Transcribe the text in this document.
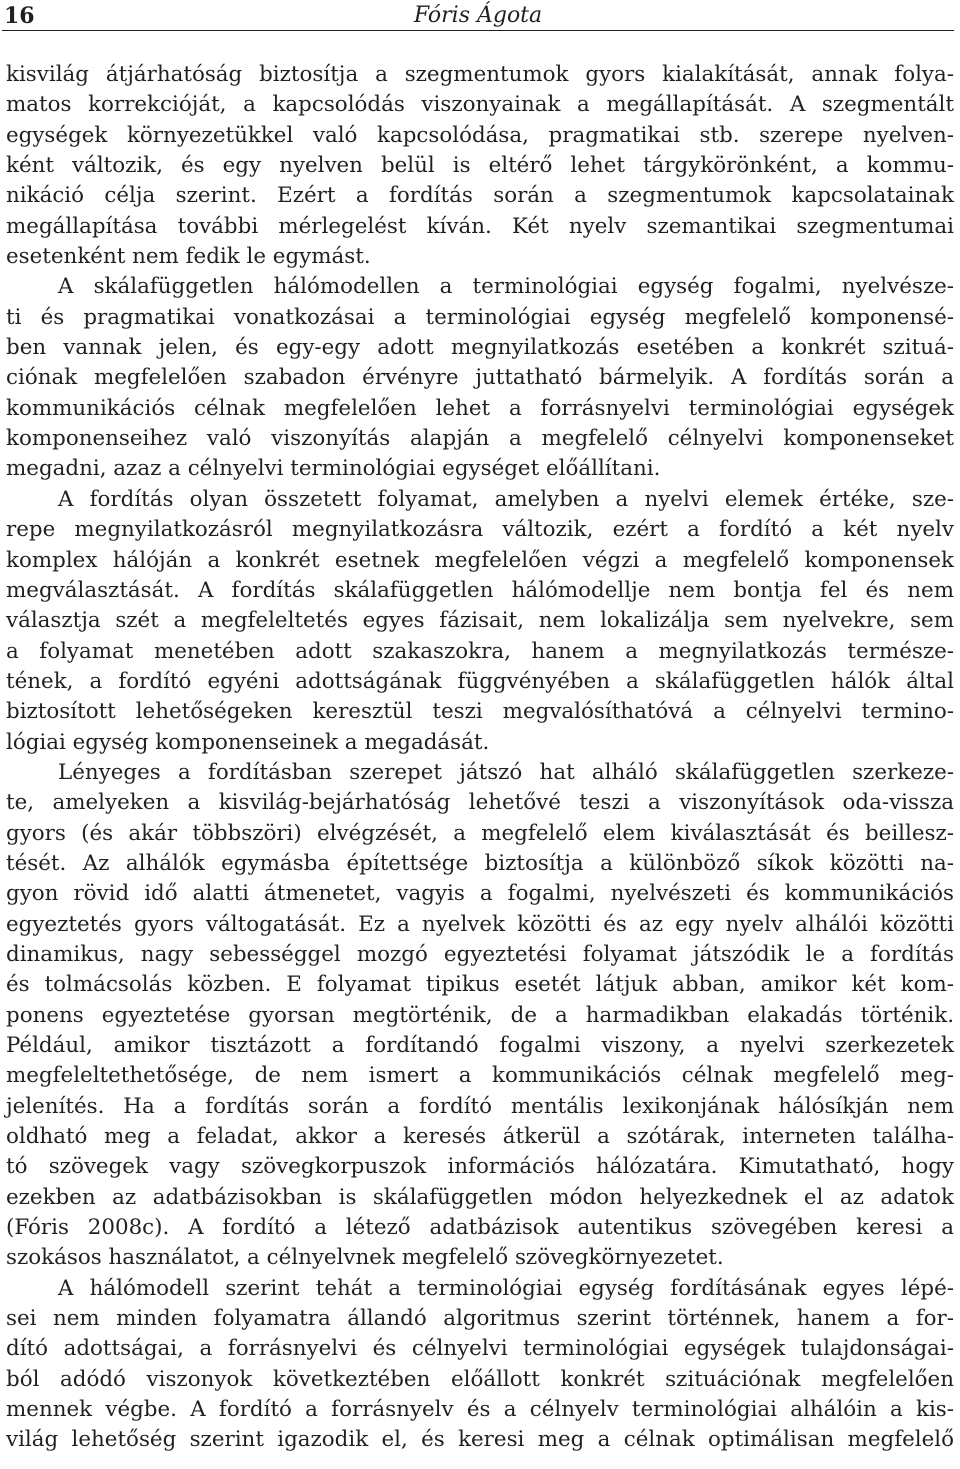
16	Fóris Ágota
kisvilág átjárhatóság biztosítja a szegmentumok gyors kialakítását, annak folya-
matos korrekcióját, a kapcsolódás viszonyainak a megállapítását. A szegmentált
egységek környezetükkel való kapcsolódása, pragmatikai stb. szerepe nyelven-
ként változik, és egy nyelven belül is eltérő lehet tárgykörönként, a kommu-
nikáció célja szerint. Ezért a fordítás során a szegmentumok kapcsolatainak
megállapítása további mérlegelést kíván. Két nyelv szemantikai szegmentumai
esetenként nem fedik le egymást.
A skálafüggetlen hálómodellen a terminológiai egység fogalmi, nyelvésze-
ti és pragmatikai vonatkozásai a terminológiai egység megfelelő komponensé-
ben vannak jelen, és egy-egy adott megnyilatkozás esetében a konkrét szituá-
ciónak megfelelően szabadon érvényre juttatható bármelyik. A fordítás során a
kommunikációs célnak megfelelően lehet a forrásnyelvi terminológiai egységek
komponenseihez való viszonyítás alapján a megfelelő célnyelvi komponenseket
megadni, azaz a célnyelvi terminológiai egységet előállítani.
A fordítás olyan összetett folyamat, amelyben a nyelvi elemek értéke, sze-
repe megnyilatkozásról megnyilatkozásra változik, ezért a fordító a két nyelv
komplex hálóján a konkrét esetnek megfelelően végzi a megfelelő komponensek
megválasztását. A fordítás skálafüggetlen hálómodellje nem bontja fel és nem
választja szét a megfeleltetés egyes fázisait, nem lokalizálja sem nyelvekre, sem
a folyamat menetében adott szakaszokra, hanem a megnyilatkozás természe-
tének, a fordító egyéni adottságának függvényében a skálafüggetlen hálók által
biztosított lehetőségeken keresztül teszi megvalósíthatóvá a célnyelvi termino-
lógiai egység komponenseinek a megadását.
Lényeges a fordításban szerepet játszó hat alháló skálafüggetlen szerkeze-
te, amelyeken a kisvilág-bejárhatóság lehetővé teszi a viszonyítások oda-vissza
gyors (és akár többszöri) elvégzését, a megfelelő elem kiválasztását és beillesz-
tését. Az alhálók egymásba építettsége biztosítja a különböző síkok közötti na-
gyon rövid idő alatti átmenetet, vagyis a fogalmi, nyelvészeti és kommunikációs
egyeztetés gyors váltogatását. Ez a nyelvek közötti és az egy nyelv alhálói közötti
dinamikus, nagy sebességgel mozgó egyeztetési folyamat játszódik le a fordítás
és tolmácsolás közben. E folyamat tipikus esetét látjuk abban, amikor két kom-
ponens egyeztetése gyorsan megtörténik, de a harmadikban elakadás történik.
Például, amikor tisztázott a fordítandó fogalmi viszony, a nyelvi szerkezetek
megfeleltethetősége, de nem ismert a kommunikációs célnak megfelelő meg-
jelenítés. Ha a fordítás során a fordító mentális lexikonjának hálósíkján nem
oldható meg a feladat, akkor a keresés átkerül a szótárak, interneten találha-
tó szövegek vagy szövegkorpuszok információs hálózatára. Kimutatható, hogy
ezekben az adatbázisokban is skálafüggetlen módon helyezkednek el az adatok
(Fóris 2008c). A fordító a létező adatbázisok autentikus szövegében keresi a
szokásos használatot, a célnyelvnek megfelelő szövegkörnyezetet.
A hálómodell szerint tehát a terminológiai egység fordításának egyes lépé-
sei nem minden folyamatra állandó algoritmus szerint történnek, hanem a for-
dító adottságai, a forrásnyelvi és célnyelvi terminológiai egységek tulajdonságai-
ból adódó viszonyok következtében előállott konkrét szituációnak megfelelően
mennek végbe. A fordító a forrásnyelv és a célnyelv terminológiai alhálóin a kis-
világ lehetőség szerint igazodik el, és keresi meg a célnak optimálisan megfelelő
